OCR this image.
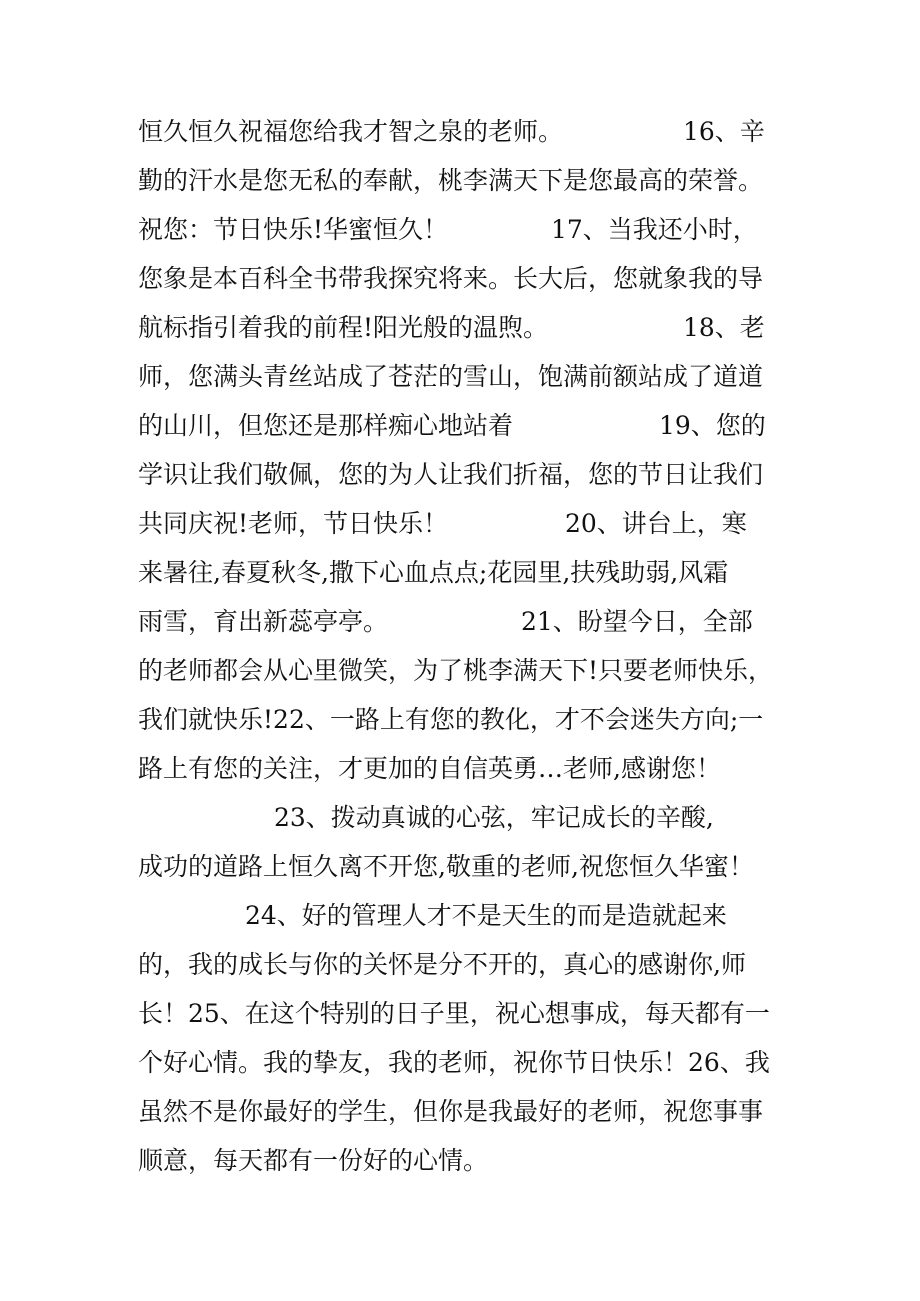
恒久恒久祝福您给我才智之泉的老师。

	16、辛

勤的汗水是您无私的奉献，桃李满天下是您最高的荣誉。

祝您：节日快乐!华蜜恒久！

	17、当我还小时，

您象是本百科全书带我探究将来。长大后，您就象我的导

航标指引着我的前程!阳光般的温煦。

	18、老

师，您满头青丝站成了苍茫的雪山，饱满前额站成了道道

的山川，但您还是那样痴心地站着

	19、您的

学识让我们敬佩，您的为人让我们折福，您的节日让我们

共同庆祝!老师，节日快乐！

	20、讲台上，寒

来暑往,春夏秋冬,撒下心血点点;花园里,扶残助弱,风霜

雨雪，育出新蕊亭亭。

	21、盼望今日，全部

的老师都会从心里微笑，为了桃李满天下!只要老师快乐，

我们就快乐!22、一路上有您的教化，才不会迷失方向;一

路上有您的关注，才更加的自信英勇…老师,感谢您！

23、拨动真诚的心弦，牢记成长的辛酸,

成功的道路上恒久离不开您,敬重的老师,祝您恒久华蜜！

24、好的管理人才不是天生的而是造就起来

的，我的成长与你的关怀是分不开的，真心的感谢你,师

长！25、在这个特别的日子里，祝心想事成，每天都有一

个好心情。我的挚友，我的老师，祝你节日快乐！26、我

虽然不是你最好的学生，但你是我最好的老师，祝您事事

顺意，每天都有一份好的心情。
